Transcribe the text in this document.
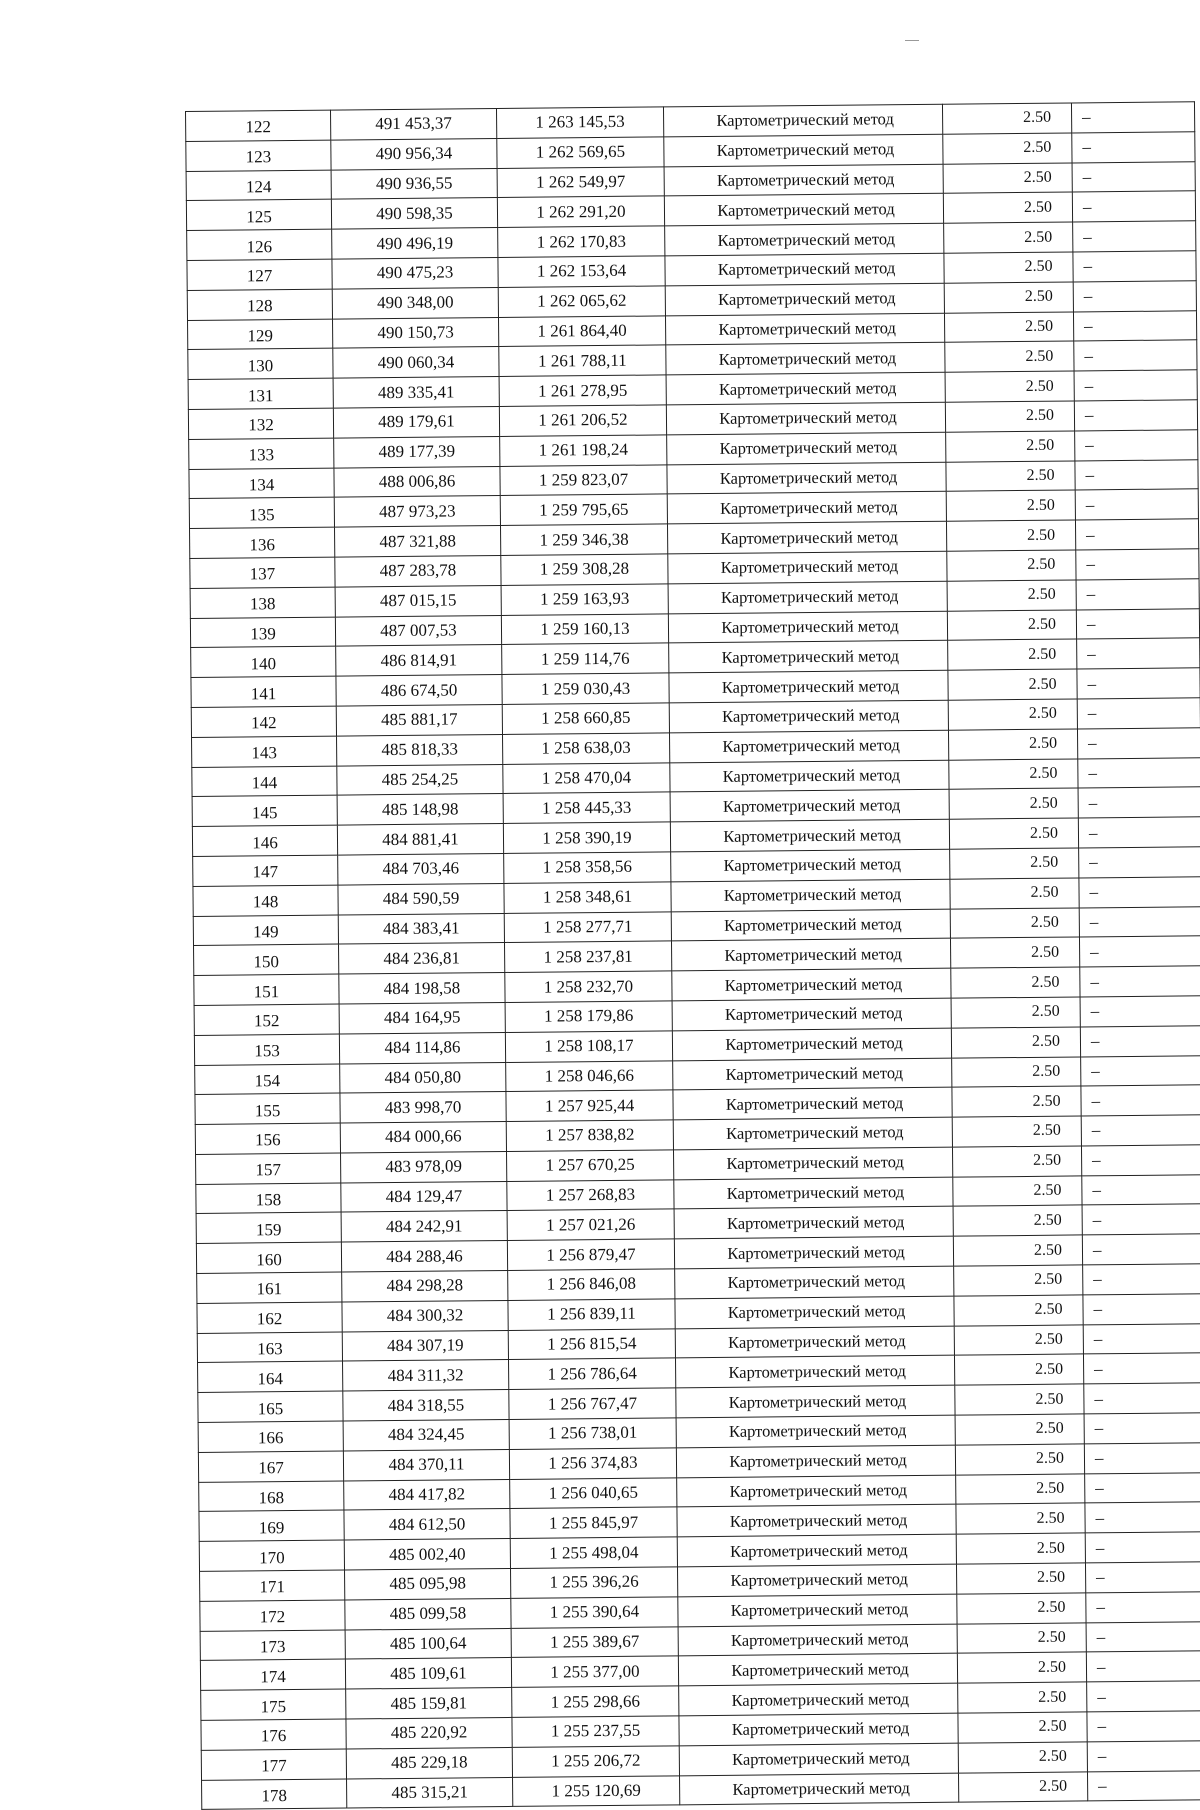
122	491 453,37	1 263 145,53	Картометрический метод	2.50	–
123	490 956,34	1 262 569,65	Картометрический метод	2.50	–
124	490 936,55	1 262 549,97	Картометрический метод	2.50	–
125	490 598,35	1 262 291,20	Картометрический метод	2.50	–
126	490 496,19	1 262 170,83	Картометрический метод	2.50	–
127	490 475,23	1 262 153,64	Картометрический метод	2.50	–
128	490 348,00	1 262 065,62	Картометрический метод	2.50	–
129	490 150,73	1 261 864,40	Картометрический метод	2.50	–
130	490 060,34	1 261 788,11	Картометрический метод	2.50	–
131	489 335,41	1 261 278,95	Картометрический метод	2.50	–
132	489 179,61	1 261 206,52	Картометрический метод	2.50	–
133	489 177,39	1 261 198,24	Картометрический метод	2.50	–
134	488 006,86	1 259 823,07	Картометрический метод	2.50	–
135	487 973,23	1 259 795,65	Картометрический метод	2.50	–
136	487 321,88	1 259 346,38	Картометрический метод	2.50	–
137	487 283,78	1 259 308,28	Картометрический метод	2.50	–
138	487 015,15	1 259 163,93	Картометрический метод	2.50	–
139	487 007,53	1 259 160,13	Картометрический метод	2.50	–
140	486 814,91	1 259 114,76	Картометрический метод	2.50	–
141	486 674,50	1 259 030,43	Картометрический метод	2.50	–
142	485 881,17	1 258 660,85	Картометрический метод	2.50	–
143	485 818,33	1 258 638,03	Картометрический метод	2.50	–
144	485 254,25	1 258 470,04	Картометрический метод	2.50	–
145	485 148,98	1 258 445,33	Картометрический метод	2.50	–
146	484 881,41	1 258 390,19	Картометрический метод	2.50	–
147	484 703,46	1 258 358,56	Картометрический метод	2.50	–
148	484 590,59	1 258 348,61	Картометрический метод	2.50	–
149	484 383,41	1 258 277,71	Картометрический метод	2.50	–
150	484 236,81	1 258 237,81	Картометрический метод	2.50	–
151	484 198,58	1 258 232,70	Картометрический метод	2.50	–
152	484 164,95	1 258 179,86	Картометрический метод	2.50	–
153	484 114,86	1 258 108,17	Картометрический метод	2.50	–
154	484 050,80	1 258 046,66	Картометрический метод	2.50	–
155	483 998,70	1 257 925,44	Картометрический метод	2.50	–
156	484 000,66	1 257 838,82	Картометрический метод	2.50	–
157	483 978,09	1 257 670,25	Картометрический метод	2.50	–
158	484 129,47	1 257 268,83	Картометрический метод	2.50	–
159	484 242,91	1 257 021,26	Картометрический метод	2.50	–
160	484 288,46	1 256 879,47	Картометрический метод	2.50	–
161	484 298,28	1 256 846,08	Картометрический метод	2.50	–
162	484 300,32	1 256 839,11	Картометрический метод	2.50	–
163	484 307,19	1 256 815,54	Картометрический метод	2.50	–
164	484 311,32	1 256 786,64	Картометрический метод	2.50	–
165	484 318,55	1 256 767,47	Картометрический метод	2.50	–
166	484 324,45	1 256 738,01	Картометрический метод	2.50	–
167	484 370,11	1 256 374,83	Картометрический метод	2.50	–
168	484 417,82	1 256 040,65	Картометрический метод	2.50	–
169	484 612,50	1 255 845,97	Картометрический метод	2.50	–
170	485 002,40	1 255 498,04	Картометрический метод	2.50	–
171	485 095,98	1 255 396,26	Картометрический метод	2.50	–
172	485 099,58	1 255 390,64	Картометрический метод	2.50	–
173	485 100,64	1 255 389,67	Картометрический метод	2.50	–
174	485 109,61	1 255 377,00	Картометрический метод	2.50	–
175	485 159,81	1 255 298,66	Картометрический метод	2.50	–
176	485 220,92	1 255 237,55	Картометрический метод	2.50	–
177	485 229,18	1 255 206,72	Картометрический метод	2.50	–
178	485 315,21	1 255 120,69	Картометрический метод	2.50	–
